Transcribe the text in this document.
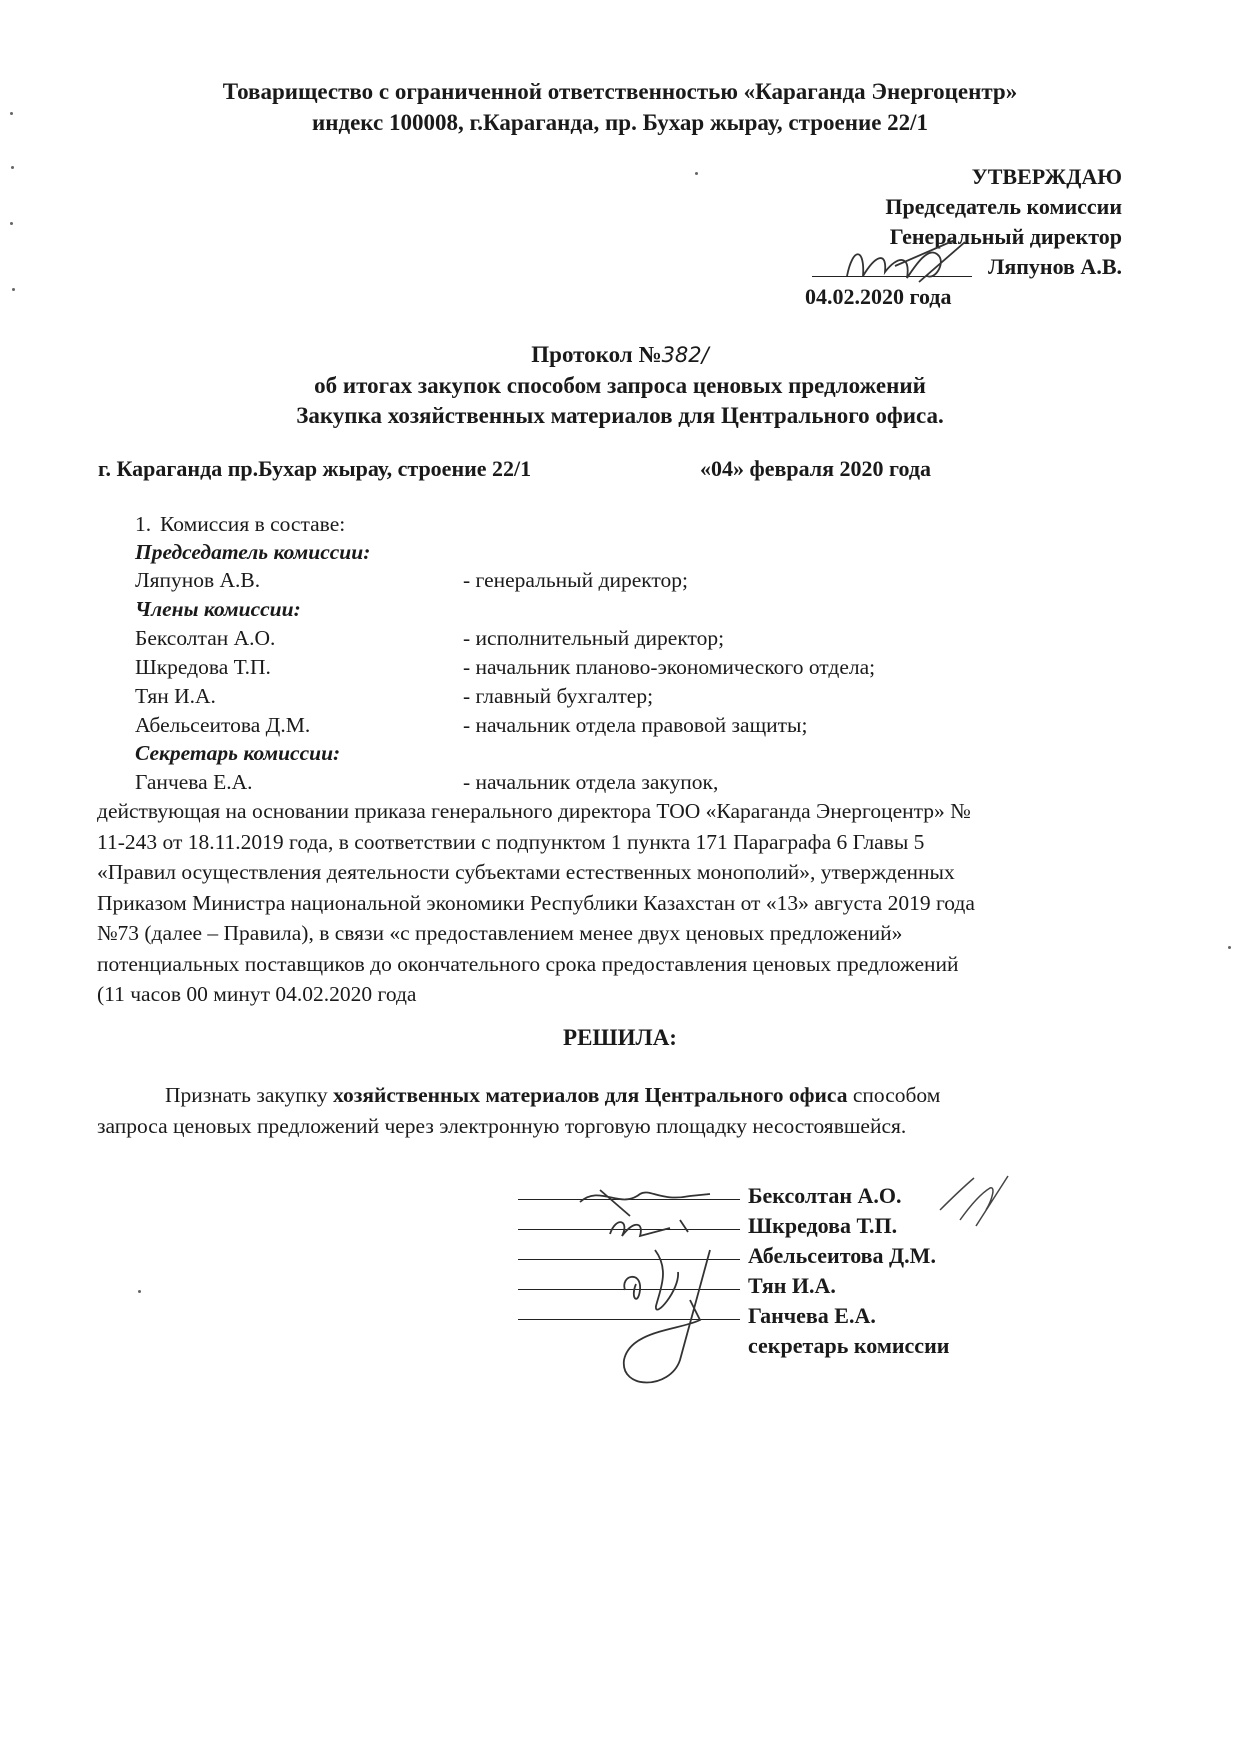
Товарищество с ограниченной ответственностью «Караганда Энергоцентр»
индекс 100008, г.Караганда, пр. Бухар жырау, строение 22/1
УТВЕРЖДАЮ
Председатель комиссии
Генеральный директор
Ляпунов А.В.
04.02.2020 года
Протокол №382/
об итогах закупок способом запроса ценовых предложений
Закупка хозяйственных материалов для Центрального офиса.
г. Караганда пр.Бухар жырау, строение 22/1	«04» февраля 2020 года
1. Комиссия в составе:
Председатель комиссии:
Ляпунов А.В.	- генеральный директор;
Члены комиссии:
Бексолтан А.О.	- исполнительный директор;
Шкредова Т.П.	- начальник планово-экономического отдела;
Тян И.А.	- главный бухгалтер;
Абельсеитова Д.М.	- начальник отдела правовой защиты;
Секретарь комиссии:
Ганчева Е.А.	- начальник отдела закупок,
действующая на основании приказа генерального директора ТОО «Караганда Энергоцентр» №
11-243 от 18.11.2019 года, в соответствии с подпунктом 1 пункта 171 Параграфа 6 Главы 5
«Правил осуществления деятельности субъектами естественных монополий», утвержденных
Приказом Министра национальной экономики Республики Казахстан от «13» августа 2019 года
№73 (далее – Правила), в связи «с предоставлением менее двух ценовых предложений»
потенциальных поставщиков до окончательного срока предоставления ценовых предложений
(11 часов 00 минут 04.02.2020 года
РЕШИЛА:
Признать закупку хозяйственных материалов для Центрального офиса способом
запроса ценовых предложений через электронную торговую площадку несостоявшейся.
Бексолтан А.О.
Шкредова Т.П.
Абельсеитова Д.М.
Тян И.А.
Ганчева Е.А.
секретарь комиссии
